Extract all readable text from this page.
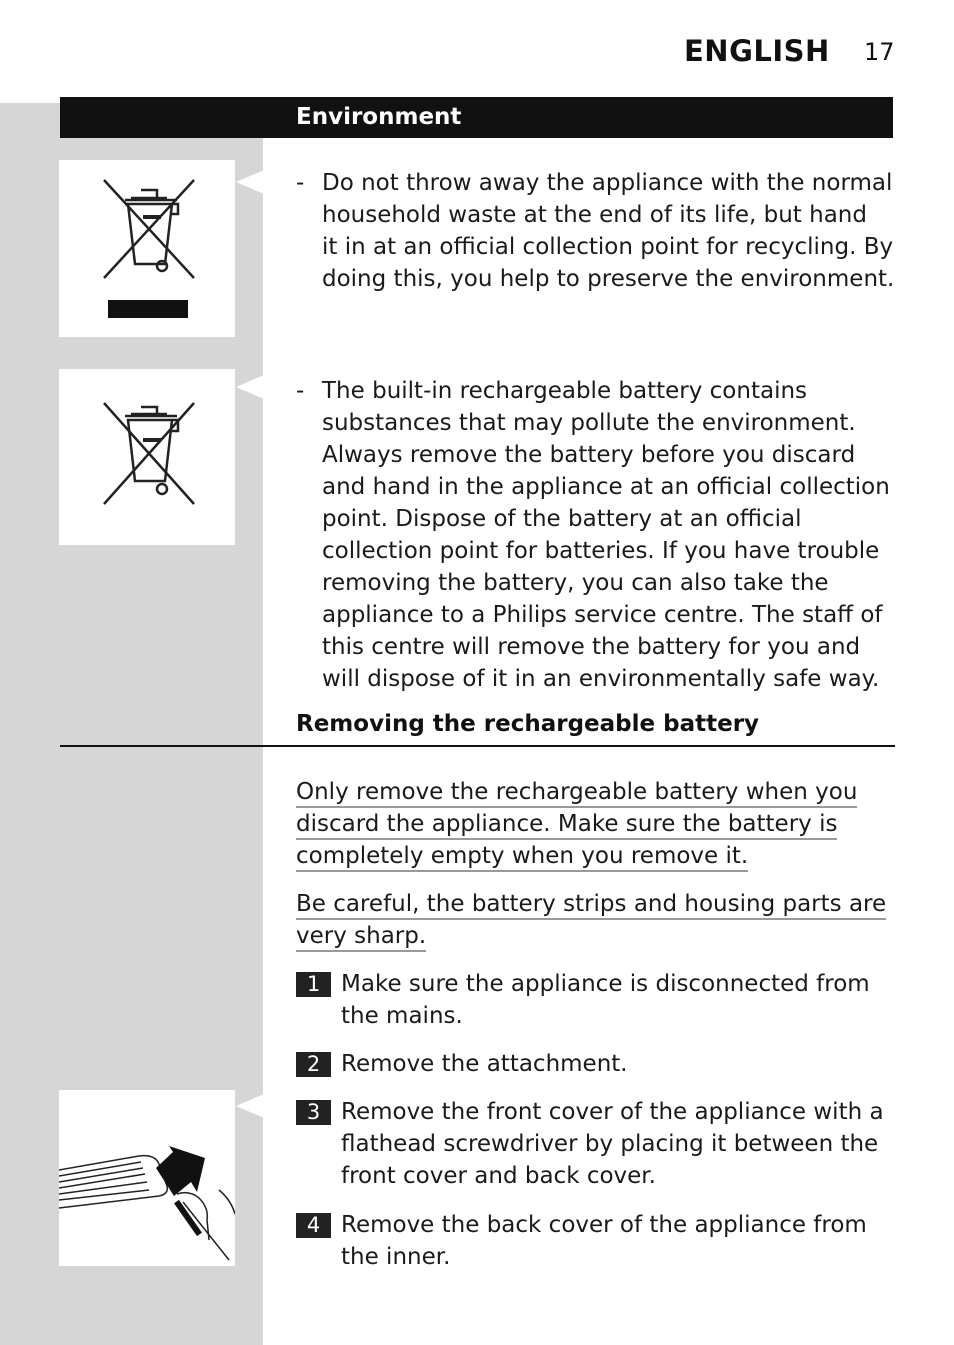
ENGLISH 17
Environment
- Do not throw away the appliance with the normal
household waste at the end of its life, but hand
it in at an official collection point for recycling. By
doing this, you help to preserve the environment.
- The built-in rechargeable battery contains
substances that may pollute the environment.
Always remove the battery before you discard
and hand in the appliance at an official collection
point. Dispose of the battery at an official
collection point for batteries. If you have trouble
removing the battery, you can also take the
appliance to a Philips service centre. The staff of
this centre will remove the battery for you and
will dispose of it in an environmentally safe way.
Removing the rechargeable battery
Only remove the rechargeable battery when you
discard the appliance. Make sure the battery is
completely empty when you remove it.
Be careful, the battery strips and housing parts are
very sharp.
1 Make sure the appliance is disconnected from
the mains.
2 Remove the attachment.
3 Remove the front cover of the appliance with a
flathead screwdriver by placing it between the
front cover and back cover.
4 Remove the back cover of the appliance from
the inner.
